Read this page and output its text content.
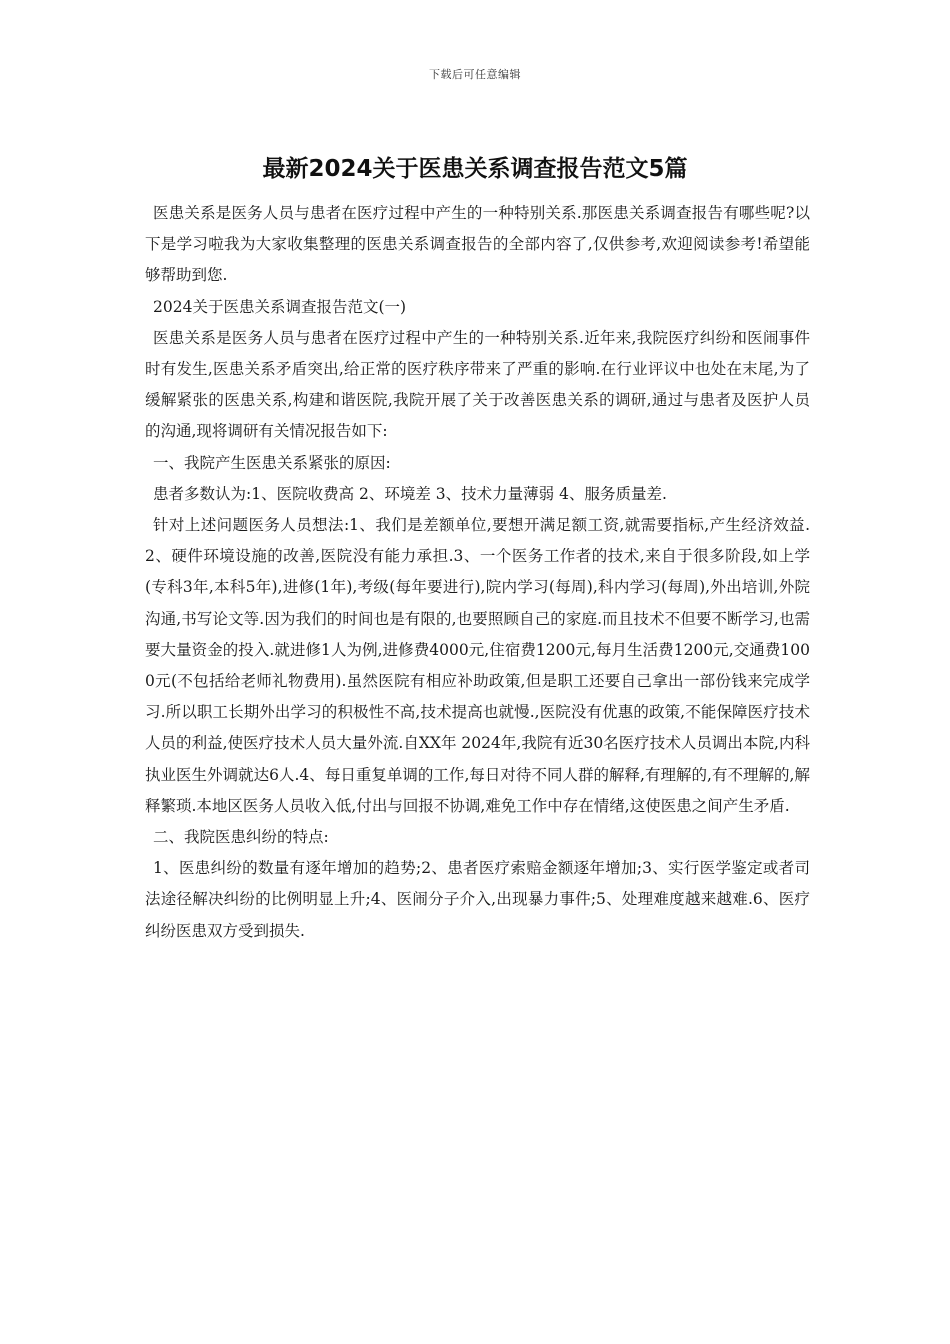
下载后可任意编辑
最新2024关于医患关系调查报告范文5篇

医患关系是医务人员与患者在医疗过程中产生的一种特别关系.那医患关系调查报告有哪些呢?以下是学习啦我为大家收集整理的医患关系调查报告的全部内容了,仅供参考,欢迎阅读参考!希望能够帮助到您.

2024关于医患关系调查报告范文(一)

医患关系是医务人员与患者在医疗过程中产生的一种特别关系.近年来,我院医疗纠纷和医闹事件时有发生,医患关系矛盾突出,给正常的医疗秩序带来了严重的影响.在行业评议中也处在末尾,为了缓解紧张的医患关系,构建和谐医院,我院开展了关于改善医患关系的调研,通过与患者及医护人员的沟通,现将调研有关情况报告如下:

一、我院产生医患关系紧张的原因:

患者多数认为:1、医院收费高 2、环境差 3、技术力量薄弱 4、服务质量差.

针对上述问题医务人员想法:1、我们是差额单位,要想开满足额工资,就需要指标,产生经济效益.2、硬件环境设施的改善,医院没有能力承担.3、一个医务工作者的技术,来自于很多阶段,如上学(专科3年,本科5年),进修(1年),考级(每年要进行),院内学习(每周),科内学习(每周),外出培训,外院沟通,书写论文等.因为我们的时间也是有限的,也要照顾自己的家庭.而且技术不但要不断学习,也需要大量资金的投入.就进修1人为例,进修费4000元,住宿费1200元,每月生活费1200元,交通费1000元(不包括给老师礼物费用).虽然医院有相应补助政策,但是职工还要自己拿出一部份钱来完成学习.所以职工长期外出学习的积极性不高,技术提高也就慢.,医院没有优惠的政策,不能保障医疗技术人员的利益,使医疗技术人员大量外流.自XX年 2024年,我院有近30名医疗技术人员调出本院,内科执业医生外调就达6人.4、每日重复单调的工作,每日对待不同人群的解释,有理解的,有不理解的,解释繁琐.本地区医务人员收入低,付出与回报不协调,难免工作中存在情绪,这使医患之间产生矛盾.

二、我院医患纠纷的特点:

1、医患纠纷的数量有逐年增加的趋势;2、患者医疗索赔金额逐年增加;3、实行医学鉴定或者司法途径解决纠纷的比例明显上升;4、医闹分子介入,出现暴力事件;5、处理难度越来越难.6、医疗纠纷医患双方受到损失.
